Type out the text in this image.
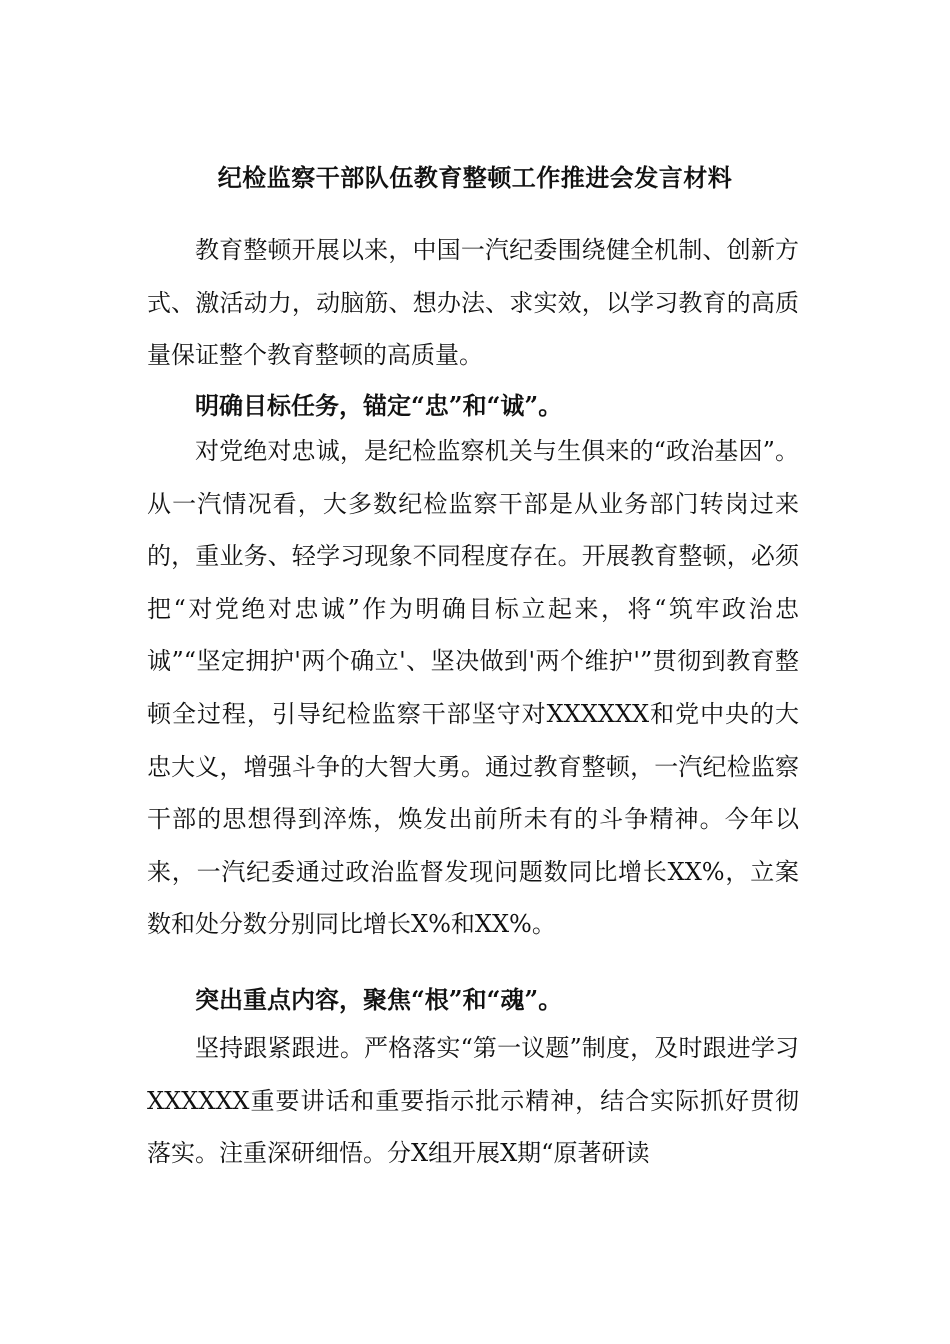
纪检监察干部队伍教育整顿工作推进会发言材料

教育整顿开展以来，中国一汽纪委围绕健全机制、创新方式、激活动力，动脑筋、想办法、求实效，以学习教育的高质量保证整个教育整顿的高质量。

明确目标任务，锚定“忠”和“诚”。

对党绝对忠诚，是纪检监察机关与生俱来的“政治基因”。从一汽情况看，大多数纪检监察干部是从业务部门转岗过来的，重业务、轻学习现象不同程度存在。开展教育整顿，必须把“对党绝对忠诚”作为明确目标立起来，将“筑牢政治忠诚”“坚定拥护'两个确立'、坚决做到'两个维护'”贯彻到教育整顿全过程，引导纪检监察干部坚守对XXXXXX和党中央的大忠大义，增强斗争的大智大勇。通过教育整顿，一汽纪检监察干部的思想得到淬炼，焕发出前所未有的斗争精神。今年以来，一汽纪委通过政治监督发现问题数同比增长XX%，立案数和处分数分别同比增长X%和XX%。

突出重点内容，聚焦“根”和“魂”。

坚持跟紧跟进。严格落实“第一议题”制度，及时跟进学习XXXXXX重要讲话和重要指示批示精神，结合实际抓好贯彻落实。注重深研细悟。分X组开展X期“原著研读
